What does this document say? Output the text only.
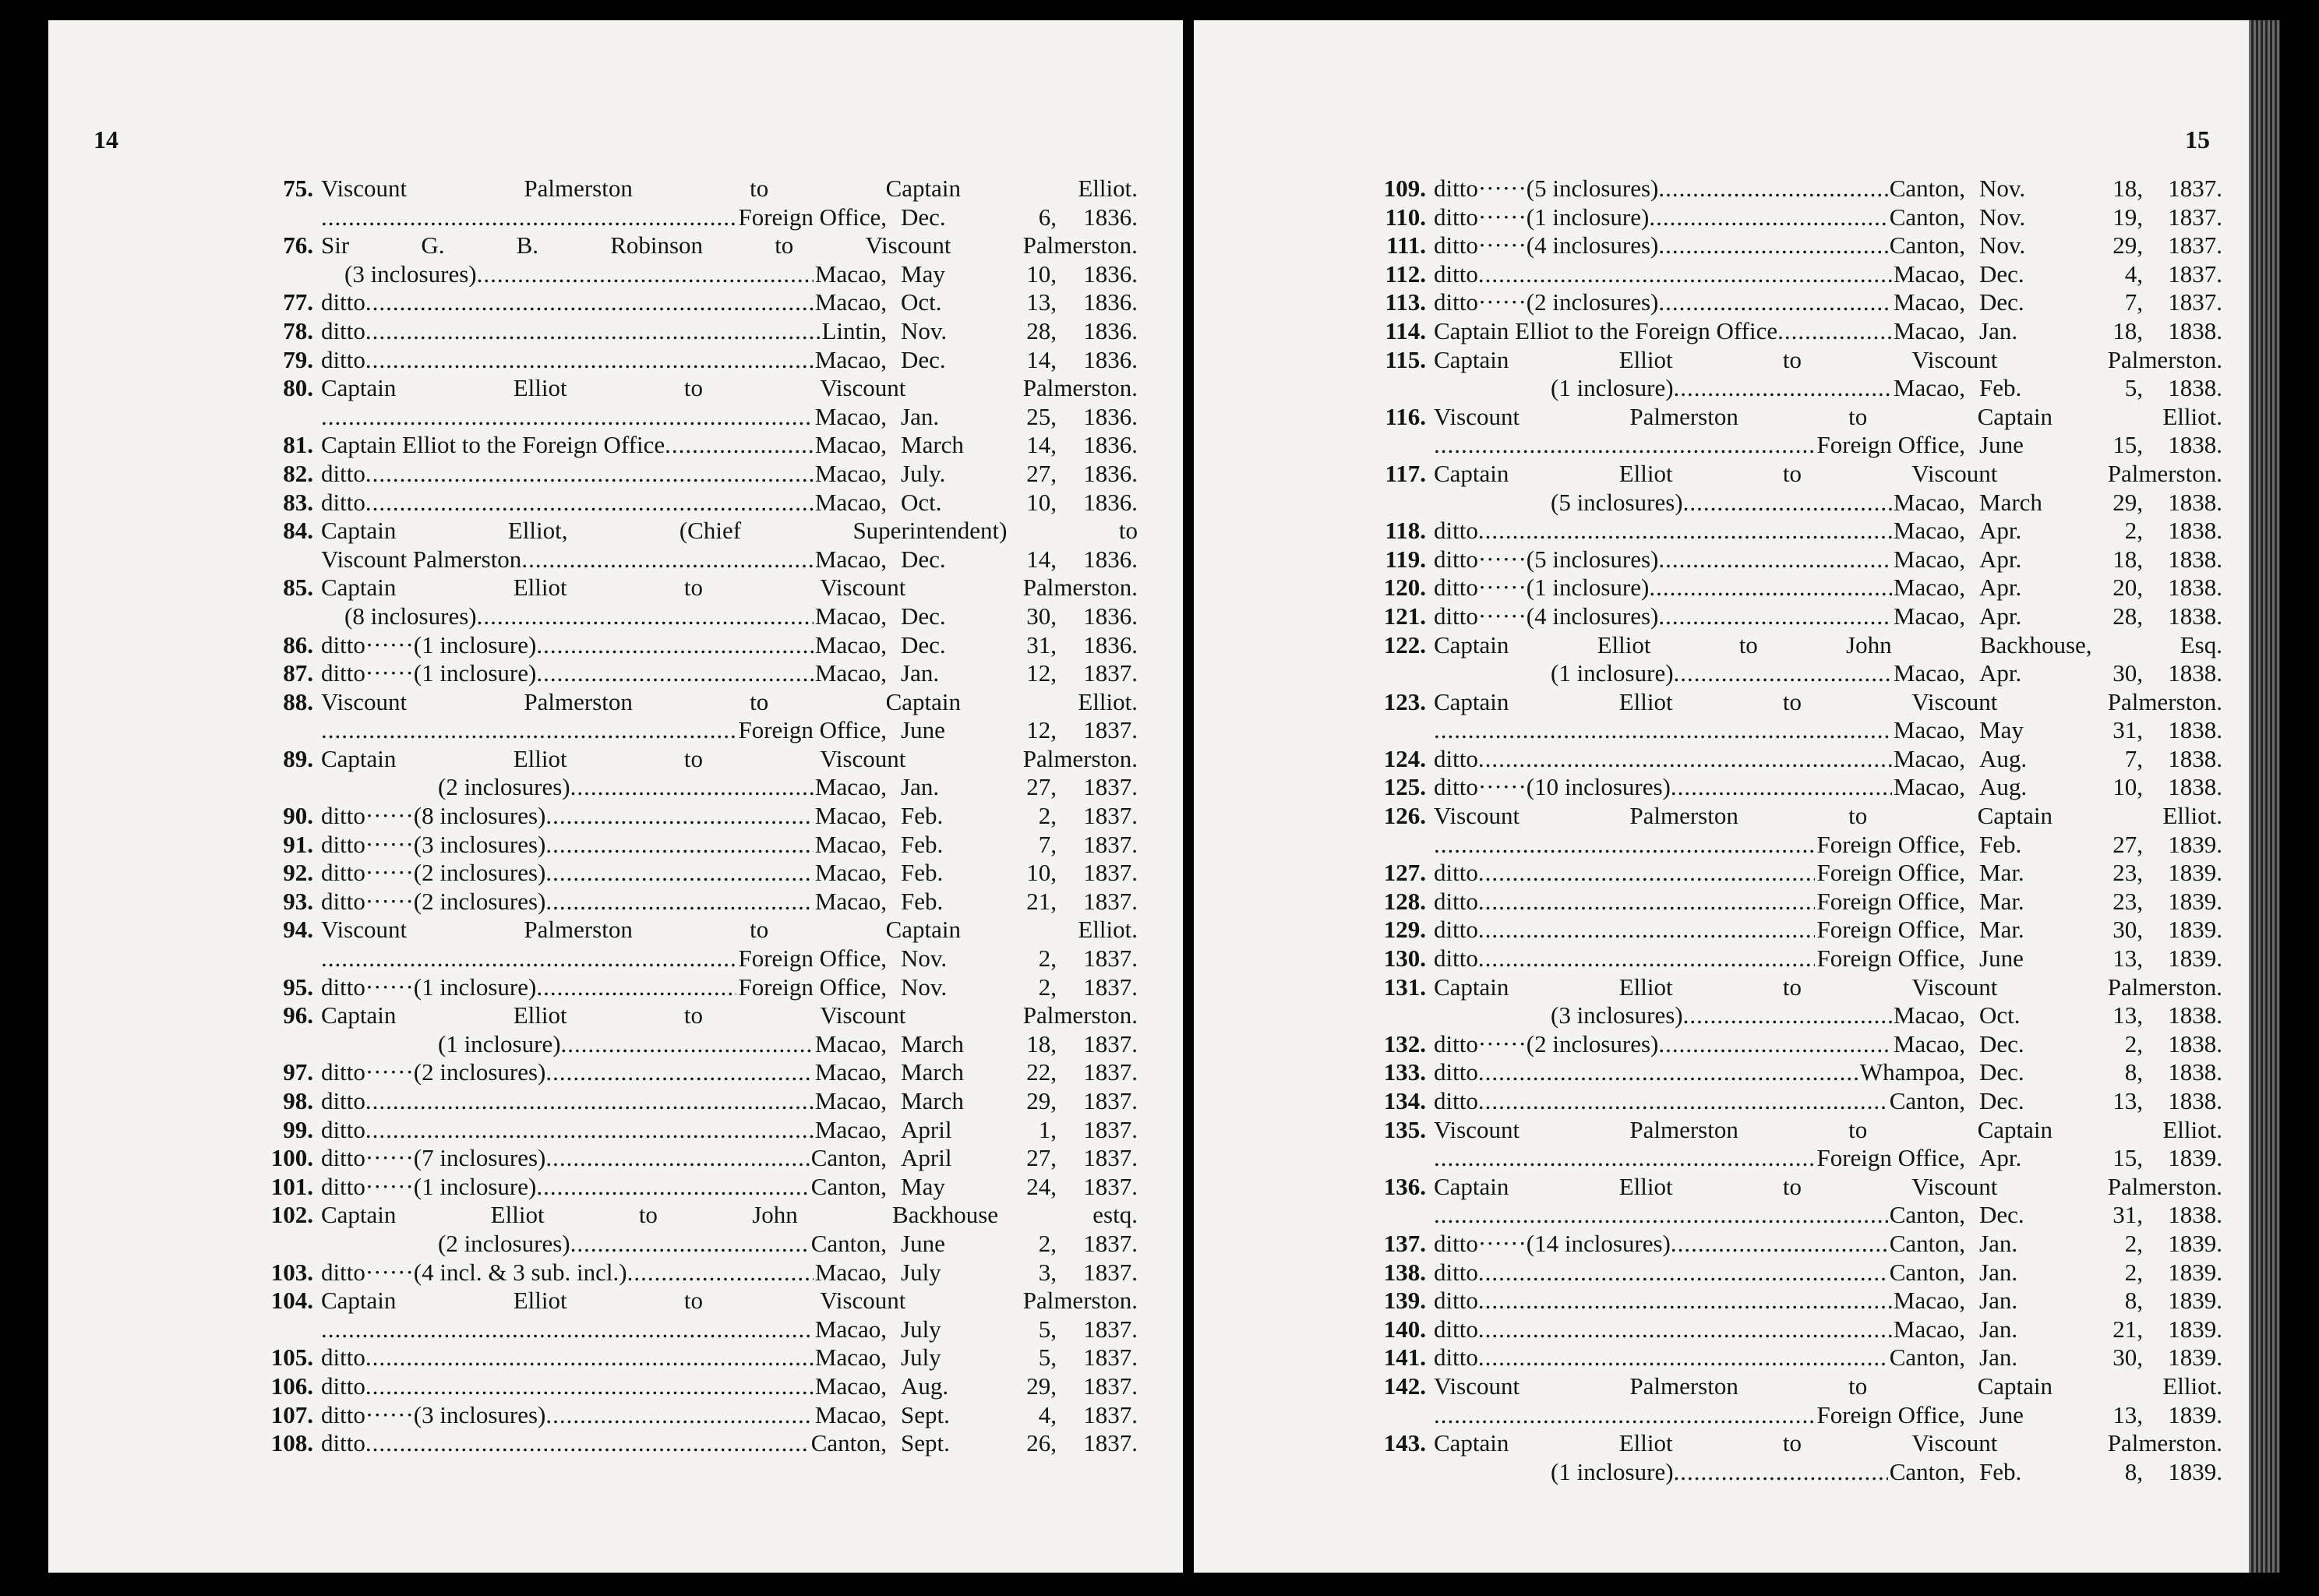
14
75. Viscount	Palmerston	to	Captain	Elliot.
.....
Foreign Office, Dec.	6,	1836.
76. Sir	G.	B.	Robinson	to	Viscount	Palmerston.
(3 inclosures) .....	Macao, May	10,	1836.
77. ditto .....	Macao, Oct.	13,	1836.
78. ditto .....	Lintin, Nov.	28,	1836.
79. ditto .....	Macao, Dec.	14,	1836.
80. Captain	Elliot	to	Viscount	Palmerston.
.....
Macao, Jan.	25,	1836.
81. Captain Elliot to the Foreign Office .....	Macao, March	14,	1836.
82. ditto .....	Macao, July.	27,	1836.
83. ditto .....	Macao, Oct.	10,	1836.
84. Captain	Elliot,	(Chief	Superintendent)	to
Viscount Palmerston .....	Macao, Dec.	14,	1836.
85. Captain	Elliot	to	Viscount	Palmerston.
(8 inclosures) .....	Macao, Dec.	30,	1836.
86. ditto······(1 inclosure) .....	Macao, Dec.	31,	1836.
87. ditto······(1 inclosure) .....	Macao, Jan.	12,	1837.
88. Viscount	Palmerston	to	Captain	Elliot.
.....
Foreign Office, June	12,	1837.
89. Captain	Elliot	to	Viscount	Palmerston.
(2 inclosures) .....	Macao, Jan.	27,	1837.
90. ditto······(8 inclosures) .....	Macao, Feb.	2,	1837.
91. ditto······(3 inclosures) .....	Macao, Feb.	7,	1837.
92. ditto······(2 inclosures) .....	Macao, Feb.	10,	1837.
93. ditto······(2 inclosures) .....	Macao, Feb.	21,	1837.
94. Viscount	Palmerston	to	Captain	Elliot.
.....
Foreign Office, Nov.	2,	1837.
95. ditto······(1 inclosure) .....	Foreign Office, Nov.	2,	1837.
96. Captain	Elliot	to	Viscount	Palmerston.
(1 inclosure) .....	Macao, March	18,	1837.
97. ditto······(2 inclosures) .....	Macao, March	22,	1837.
98. ditto .....	Macao, March	29,	1837.
99. ditto .....	Macao, April	1,	1837.
100. ditto······(7 inclosures) .....	Canton, April	27,	1837.
101. ditto······(1 inclosure) .....	Canton, May	24,	1837.
102. Captain	Elliot	to	John	Backhouse	estq.
(2 inclosures) .....	Canton, June	2,	1837.
103. ditto······(4 incl. & 3 sub. incl.) .....	Macao, July	3,	1837.
104. Captain	Elliot	to	Viscount	Palmerston.
.....
Macao, July	5,	1837.
105. ditto .....	Macao, July	5,	1837.
106. ditto .....	Macao, Aug.	29,	1837.
107. ditto······(3 inclosures) .....	Macao, Sept.	4,	1837.
108. ditto .....	Canton, Sept.	26,	1837.
15
109. ditto······(5 inclosures) .....	Canton, Nov.	18,	1837.
110. ditto······(1 inclosure) .....	Canton, Nov.	19,	1837.
111. ditto······(4 inclosures) .....	Canton, Nov.	29,	1837.
112. ditto .....	Macao, Dec.	4,	1837.
113. ditto······(2 inclosures) .....	Macao, Dec.	7,	1837.
114. Captain Elliot to the Foreign Office .....	Macao, Jan.	18,	1838.
115. Captain	Elliot	to	Viscount	Palmerston.
(1 inclosure) .....	Macao, Feb.	5,	1838.
116. Viscount	Palmerston	to	Captain	Elliot.
.....
Foreign Office, June	15,	1838.
117. Captain	Elliot	to	Viscount	Palmerston.
(5 inclosures) .....	Macao, March	29,	1838.
118. ditto .....	Macao, Apr.	2,	1838.
119. ditto······(5 inclosures) .....	Macao, Apr.	18,	1838.
120. ditto······(1 inclosure) .....	Macao, Apr.	20,	1838.
121. ditto······(4 inclosures) .....	Macao, Apr.	28,	1838.
122. Captain	Elliot	to	John	Backhouse,	Esq.
(1 inclosure) .....	Macao, Apr.	30,	1838.
123. Captain	Elliot	to	Viscount	Palmerston.
.....
Macao, May	31,	1838.
124. ditto .....	Macao, Aug.	7,	1838.
125. ditto······(10 inclosures) .....	Macao, Aug.	10,	1838.
126. Viscount	Palmerston	to	Captain	Elliot.
.....
Foreign Office, Feb.	27,	1839.
127. ditto .....	Foreign Office, Mar.	23,	1839.
128. ditto .....	Foreign Office, Mar.	23,	1839.
129. ditto .....	Foreign Office, Mar.	30,	1839.
130. ditto .....	Foreign Office, June	13,	1839.
131. Captain	Elliot	to	Viscount	Palmerston.
(3 inclosures) .....	Macao, Oct.	13,	1838.
132. ditto······(2 inclosures) .....	Macao, Dec.	2,	1838.
133. ditto .....	Whampoa, Dec.	8,	1838.
134. ditto .....	Canton, Dec.	13,	1838.
135. Viscount	Palmerston	to	Captain	Elliot.
.....
Foreign Office, Apr.	15,	1839.
136. Captain	Elliot	to	Viscount	Palmerston.
.....
Canton, Dec.	31,	1838.
137. ditto······(14 inclosures) .....	Canton, Jan.	2,	1839.
138. ditto .....	Canton, Jan.	2,	1839.
139. ditto .....	Macao, Jan.	8,	1839.
140. ditto .....	Macao, Jan.	21,	1839.
141. ditto .....	Canton, Jan.	30,	1839.
142. Viscount	Palmerston	to	Captain	Elliot.
.....
Foreign Office, June	13,	1839.
143. Captain	Elliot	to	Viscount	Palmerston.
(1 inclosure) .....	Canton, Feb.	8,	1839.
